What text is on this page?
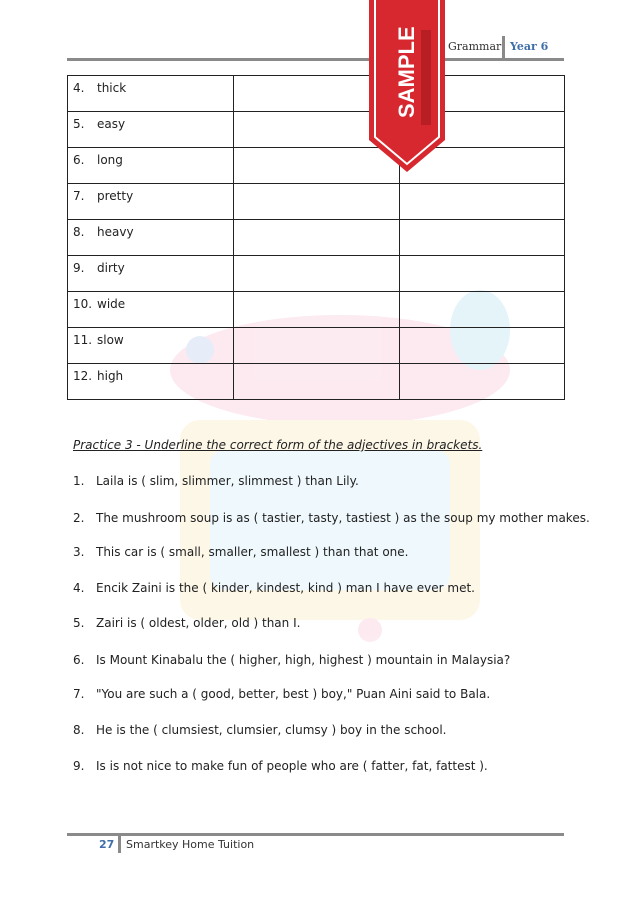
Grammar Year 6
4. thick		

5. easy		

6. long		

7. pretty		

8. heavy		

9. dirty		

10. wide		

11. slow		

12. high		

SAMPLE
Practice 3 - Underline the correct form of the adjectives in brackets.
1. Laila is ( slim, slimmer, slimmest ) than Lily.
2. The mushroom soup is as ( tastier, tasty, tastiest ) as the soup my mother makes.
3. This car is ( small, smaller, smallest ) than that one.
4. Encik Zaini is the ( kinder, kindest, kind ) man I have ever met.
5. Zairi is ( oldest, older, old ) than I.
6. Is Mount Kinabalu the ( higher, high, highest ) mountain in Malaysia?
7. "You are such a ( good, better, best ) boy," Puan Aini said to Bala.
8. He is the ( clumsiest, clumsier, clumsy ) boy in the school.
9. Is is not nice to make fun of people who are ( fatter, fat, fattest ).
27 Smartkey Home Tuition
